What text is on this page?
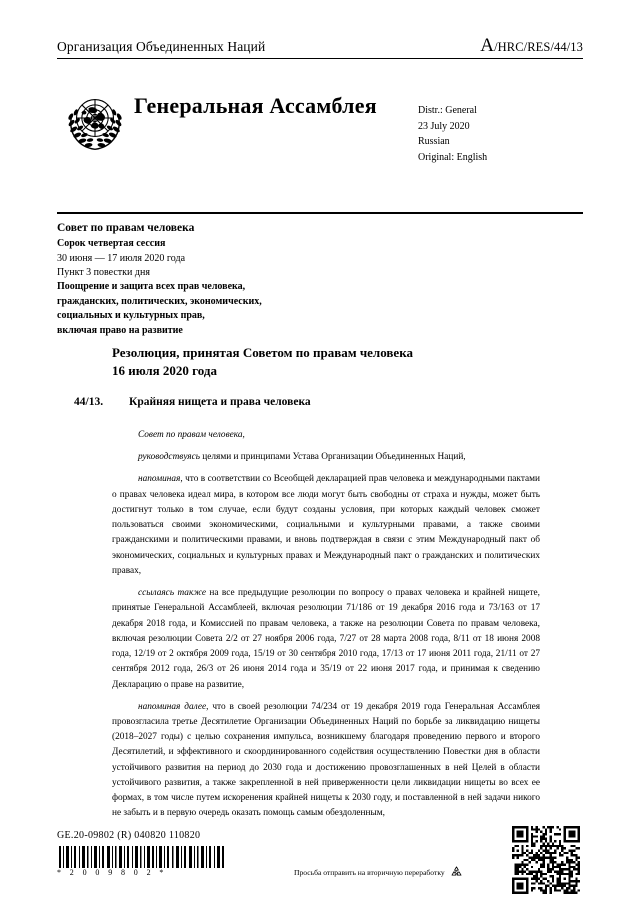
Организация Объединенных Наций	A/HRC/RES/44/13
Генеральная Ассамблея	Distr.: General
23 July 2020
Russian
Original: English
Совет по правам человека
Сорок четвертая сессия
30 июня — 17 июля 2020 года
Пункт 3 повестки дня
Поощрение и защита всех прав человека,
гражданских, политических, экономических,
социальных и культурных прав,
включая право на развитие
Резолюция, принятая Советом по правам человека
16 июля 2020 года
44/13. Крайняя нищета и права человека

Совет по правам человека,

руководствуясь целями и принципами Устава Организации Объединенных Наций,

напоминая, что в соответствии со Всеобщей декларацией прав человека и международными пактами о правах человека идеал мира, в котором все люди могут быть свободны от страха и нужды, может быть достигнут только в том случае, если будут созданы условия, при которых каждый человек сможет пользоваться своими экономическими, социальными и культурными правами, а также своими гражданскими и политическими правами, и вновь подтверждая в связи с этим Международный пакт об экономических, социальных и культурных правах и Международный пакт о гражданских и политических правах,

ссылаясь также на все предыдущие резолюции по вопросу о правах человека и крайней нищете, принятые Генеральной Ассамблеей, включая резолюции 71/186 от 19 декабря 2016 года и 73/163 от 17 декабря 2018 года, и Комиссией по правам человека, а также на резолюции Совета по правам человека, включая резолюции Совета 2/2 от 27 ноября 2006 года, 7/27 от 28 марта 2008 года, 8/11 от 18 июня 2008 года, 12/19 от 2 октября 2009 года, 15/19 от 30 сентября 2010 года, 17/13 от 17 июня 2011 года, 21/11 от 27 сентября 2012 года, 26/3 от 26 июня 2014 года и 35/19 от 22 июня 2017 года, и принимая к сведению Декларацию о праве на развитие,

напоминая далее, что в своей резолюции 74/234 от 19 декабря 2019 года Генеральная Ассамблея провозгласила третье Десятилетие Организации Объединенных Наций по борьбе за ликвидацию нищеты (2018–2027 годы) с целью сохранения импульса, возникшему благодаря проведению первого и второго Десятилетий, и эффективного и скоординированного содействия осуществлению Повестки дня в области устойчивого развития на период до 2030 года и достижению провозглашенных в ней Целей в области устойчивого развития, а также закрепленной в ней приверженности цели ликвидации нищеты во всех ее формах, в том числе путем искоренения крайней нищеты к 2030 году, и поставленной в ней задачи никого не забыть и в первую очередь оказать помощь самым обездоленным,

GE.20-09802 (R) 040820 110820
* 2 0 0 9 8 0 2 *	Просьба отправить на вторичную переработку
